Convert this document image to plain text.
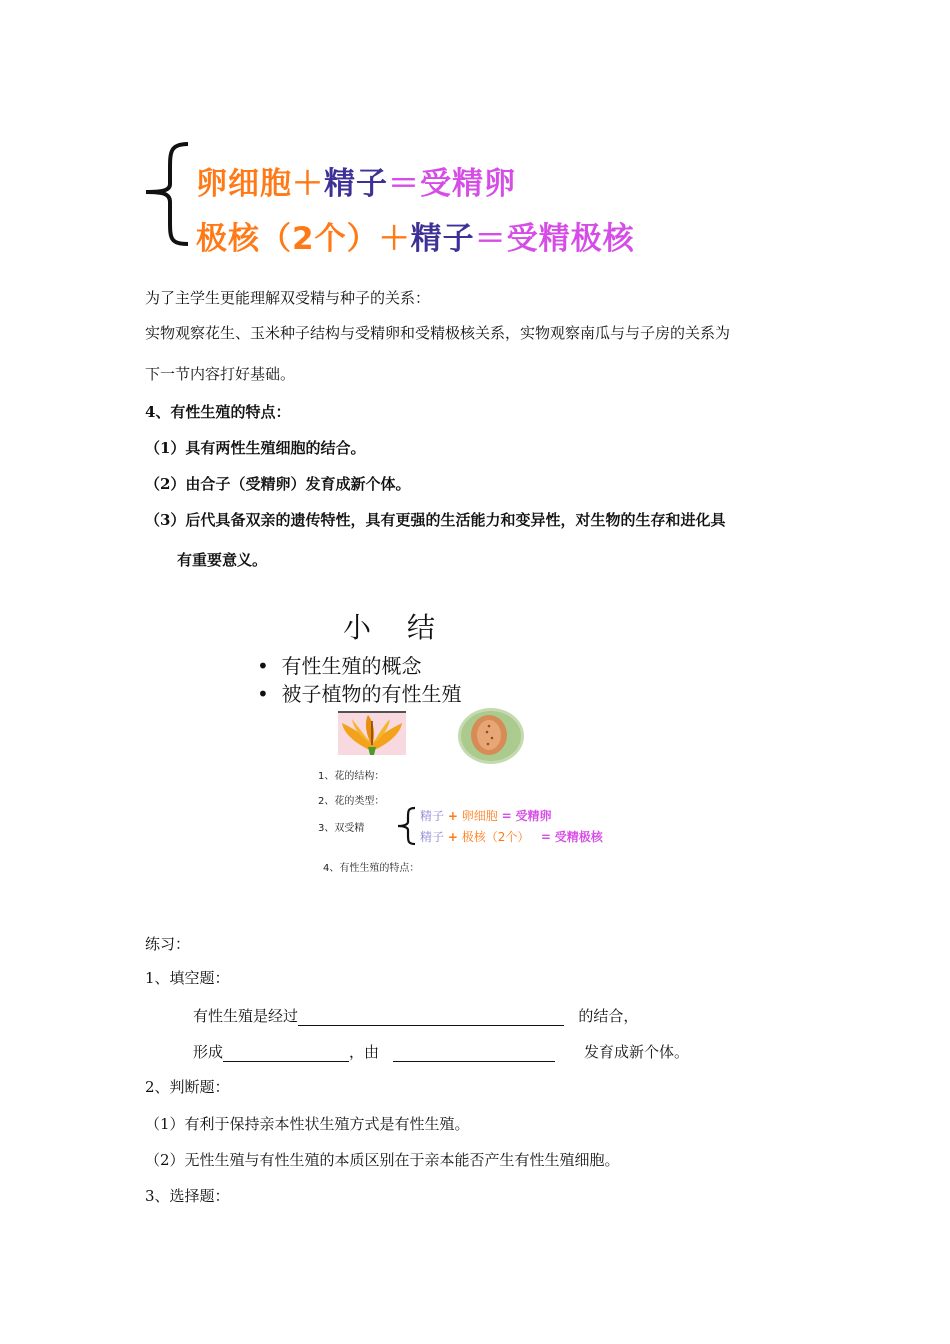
卵细胞＋精子＝受精卵
极核（2个）＋精子＝受精极核
为了主学生更能理解双受精与种子的关系：
实物观察花生、玉米种子结构与受精卵和受精极核关系，实物观察南瓜与与子房的关系为
下一节内容打好基础。
4、有性生殖的特点：
（1）具有两性生殖细胞的结合。
（2）由合子（受精卵）发育成新个体。
（3）后代具备双亲的遗传特性，具有更强的生活能力和变异性，对生物的生存和进化具
有重要意义。
小结
•  有性生殖的概念
•  被子植物的有性生殖
1、花的结构：
2、花的类型：
3、双受精
精子 + 卵细胞 = 受精卵
精子 + 极核（2个） = 受精极核
4、有性生殖的特点：
练习：
1、填空题：
有性生殖是经过	的结合，
形成	，由	发育成新个体。
2、判断题：
（1）有利于保持亲本性状生殖方式是有性生殖。
（2）无性生殖与有性生殖的本质区别在于亲本能否产生有性生殖细胞。
3、选择题：
